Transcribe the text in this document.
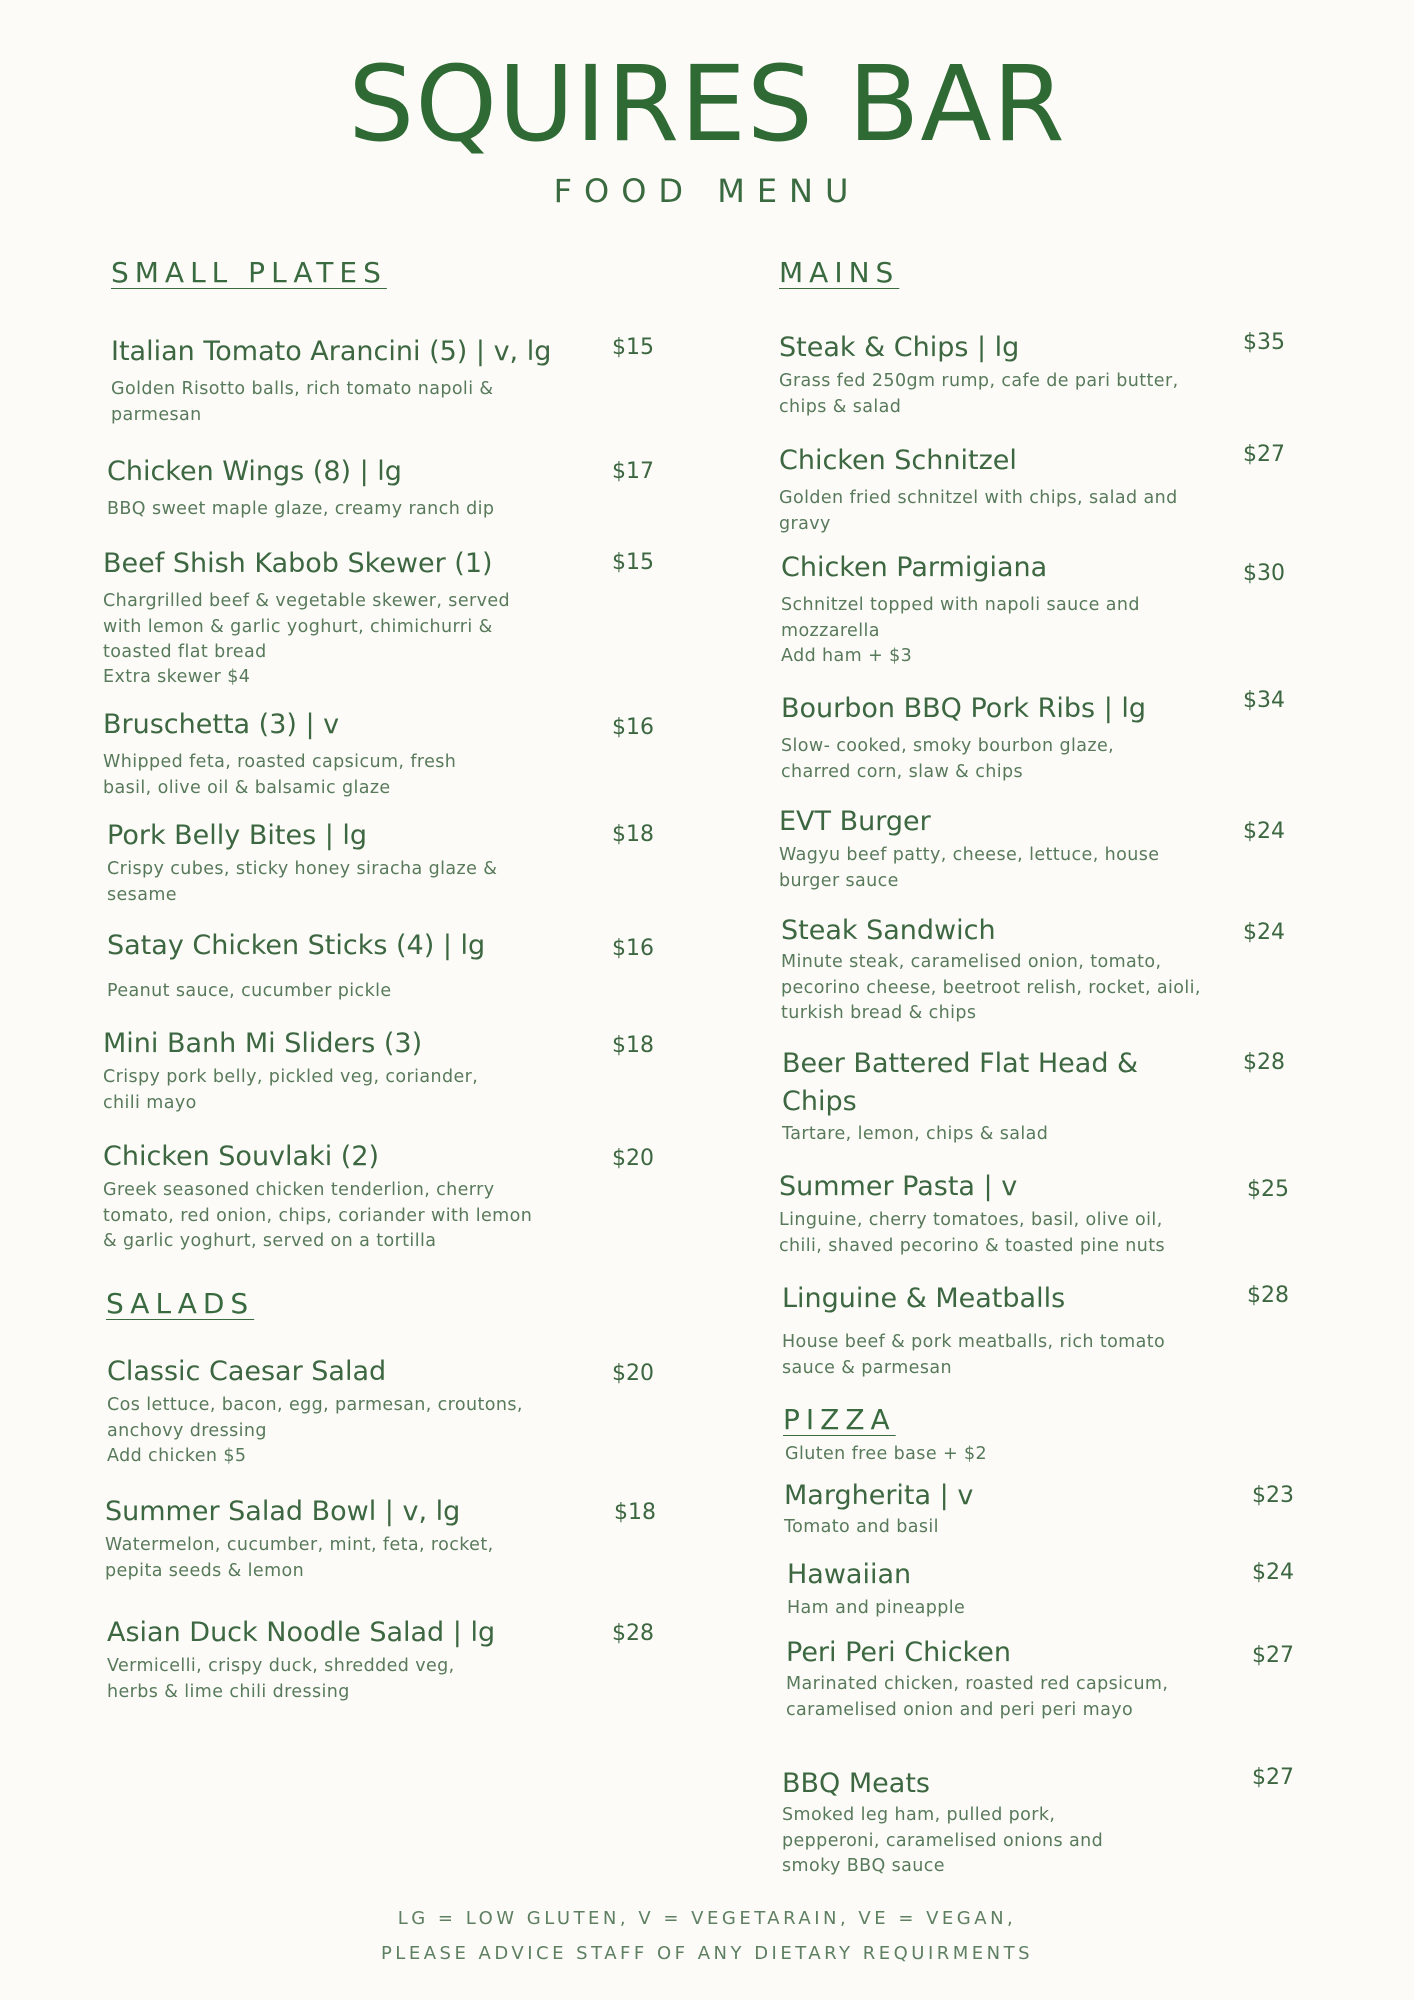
SQUIRES BAR
FOOD MENU
SMALL PLATES
Italian Tomato Arancini (5) | v, lg
Golden Risotto balls, rich tomato napoli & parmesan
$15
Chicken Wings (8) | lg
BBQ sweet maple glaze, creamy ranch dip
$17
Beef Shish Kabob Skewer (1)
Chargrilled beef & vegetable skewer, served with lemon & garlic yoghurt, chimichurri & toasted flat bread
Extra skewer $4
$15
Bruschetta (3) | v
Whipped feta, roasted capsicum, fresh basil, olive oil & balsamic glaze
$16
Pork Belly Bites | lg
Crispy cubes, sticky honey siracha glaze & sesame
$18
Satay Chicken Sticks (4) | lg
Peanut sauce, cucumber pickle
$16
Mini Banh Mi Sliders (3)
Crispy pork belly, pickled veg, coriander, chili mayo
$18
Chicken Souvlaki (2)
Greek seasoned chicken tenderlion, cherry tomato, red onion, chips, coriander with lemon & garlic yoghurt, served on a tortilla
$20
SALADS
Classic Caesar Salad
Cos lettuce, bacon, egg, parmesan, croutons, anchovy dressing
Add chicken $5
$20
Summer Salad Bowl | v, lg
Watermelon, cucumber, mint, feta, rocket, pepita seeds & lemon
$18
Asian Duck Noodle Salad | lg
Vermicelli, crispy duck, shredded veg, herbs & lime chili dressing
$28
MAINS
Steak & Chips | lg
Grass fed 250gm rump, cafe de pari butter, chips & salad
$35
Chicken Schnitzel
Golden fried schnitzel with chips, salad and gravy
$27
Chicken Parmigiana
Schnitzel topped with napoli sauce and mozzarella
Add ham + $3
$30
Bourbon BBQ Pork Ribs | lg
Slow- cooked, smoky bourbon glaze, charred corn, slaw & chips
$34
EVT Burger
Wagyu beef patty, cheese, lettuce, house burger sauce
$24
Steak Sandwich
Minute steak, caramelised onion, tomato, pecorino cheese, beetroot relish, rocket, aioli, turkish bread & chips
$24
Beer Battered Flat Head & Chips
Tartare, lemon, chips & salad
$28
Summer Pasta | v
Linguine, cherry tomatoes, basil, olive oil, chili, shaved pecorino & toasted pine nuts
$25
Linguine & Meatballs
House beef & pork meatballs, rich tomato sauce & parmesan
$28
PIZZA
Gluten free base + $2
Margherita | v
Tomato and basil
$23
Hawaiian
Ham and pineapple
$24
Peri Peri Chicken
Marinated chicken, roasted red capsicum, caramelised onion and peri peri mayo
$27
BBQ Meats
Smoked leg ham, pulled pork, pepperoni, caramelised onions and smoky BBQ sauce
$27
LG = LOW GLUTEN, V = VEGETARAIN, VE = VEGAN,
PLEASE ADVICE STAFF OF ANY DIETARY REQUIRMENTS
